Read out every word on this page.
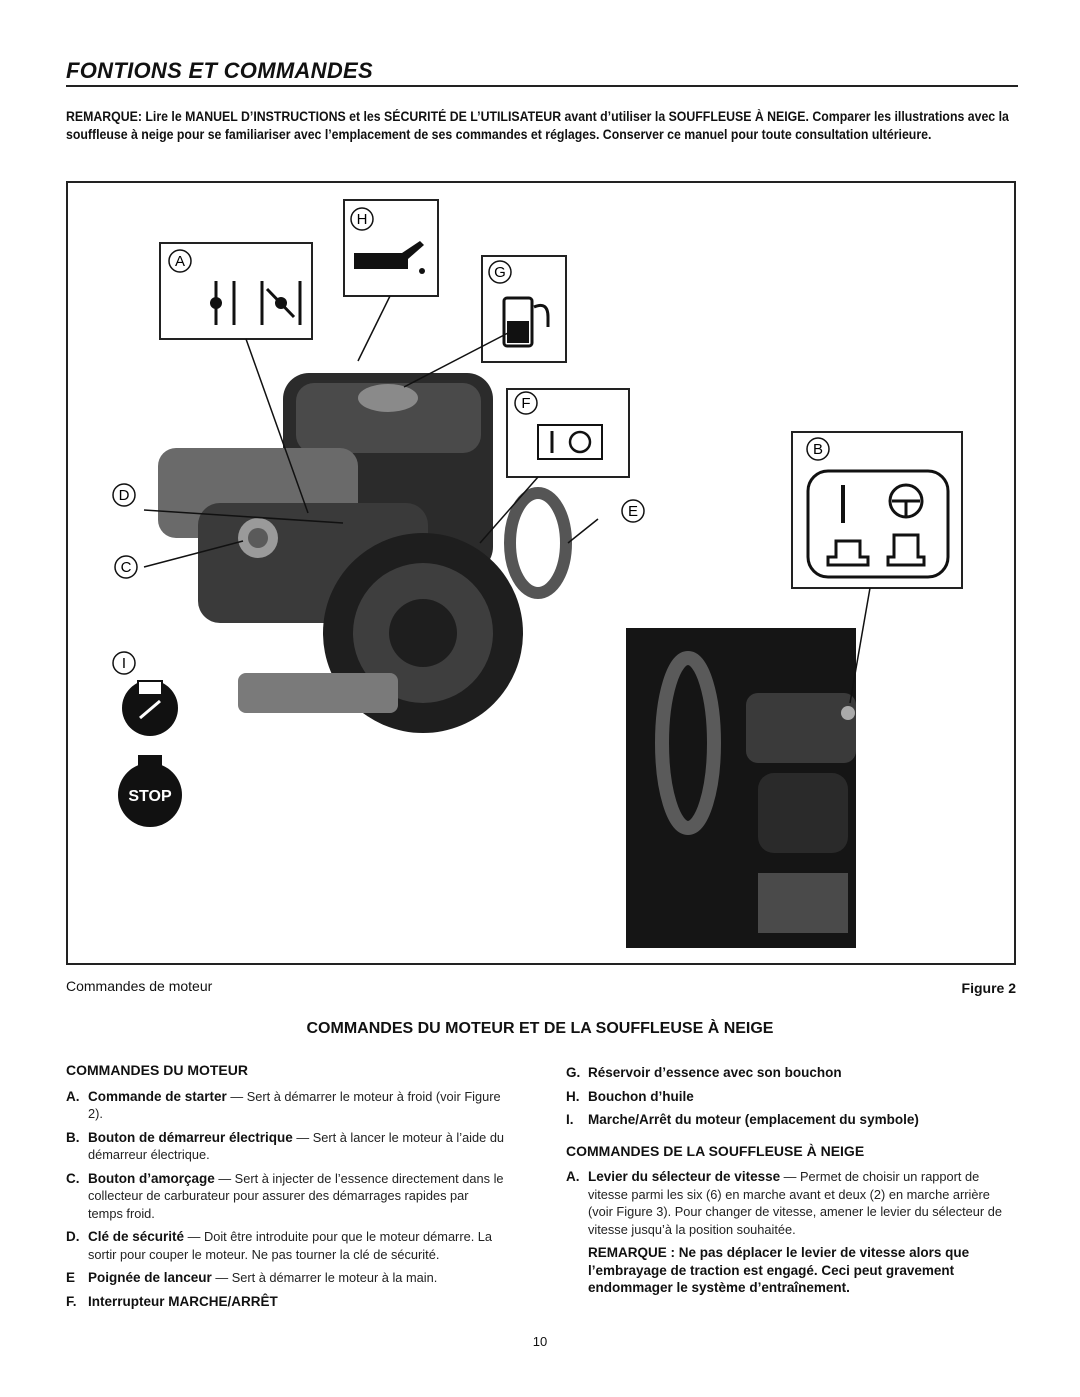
FONTIONS ET COMMANDES
REMARQUE: Lire le MANUEL D’INSTRUCTIONS et les SÉCURITÉ DE L’UTILISATEUR avant d’utiliser la SOUFFLEUSE À NEIGE. Comparer les illustrations avec la souffleuse à neige pour se familiariser avec l’emplacement de ses commandes et réglages. Conserver ce manuel pour toute consultation ultérieure.
A
B
C
D
E
F
G
H
I
STOP
Commandes de moteur	Figure 2
COMMANDES DU MOTEUR ET DE LA SOUFFLEUSE À NEIGE
COMMANDES DU MOTEUR
A. Commande de starter — Sert à démarrer le moteur à froid (voir Figure 2).
B. Bouton de démarreur électrique — Sert à lancer le moteur à l’aide du démarreur électrique.
C. Bouton d’amorçage — Sert à injecter de l’essence directement dans le collecteur de carburateur pour assurer des démarrages rapides par temps froid.
D. Clé de sécurité — Doit être introduite pour que le moteur démarre. La sortir pour couper le moteur. Ne pas tourner la clé de sécurité.
E Poignée de lanceur — Sert à démarrer le moteur à la main.
F. Interrupteur MARCHE/ARRÊT
G. Réservoir d’essence avec son bouchon
H. Bouchon d’huile
I. Marche/Arrêt du moteur (emplacement du symbole)
COMMANDES DE LA SOUFFLEUSE À NEIGE
A. Levier du sélecteur de vitesse — Permet de choisir un rapport de vitesse parmi les six (6) en marche avant et deux (2) en marche arrière (voir Figure 3). Pour changer de vitesse, amener le levier du sélecteur de vitesse jusqu’à la position souhaitée.
REMARQUE : Ne pas déplacer le levier de vitesse alors que l’embrayage de traction est engagé. Ceci peut gravement endommager le système d’entraînement.
10
